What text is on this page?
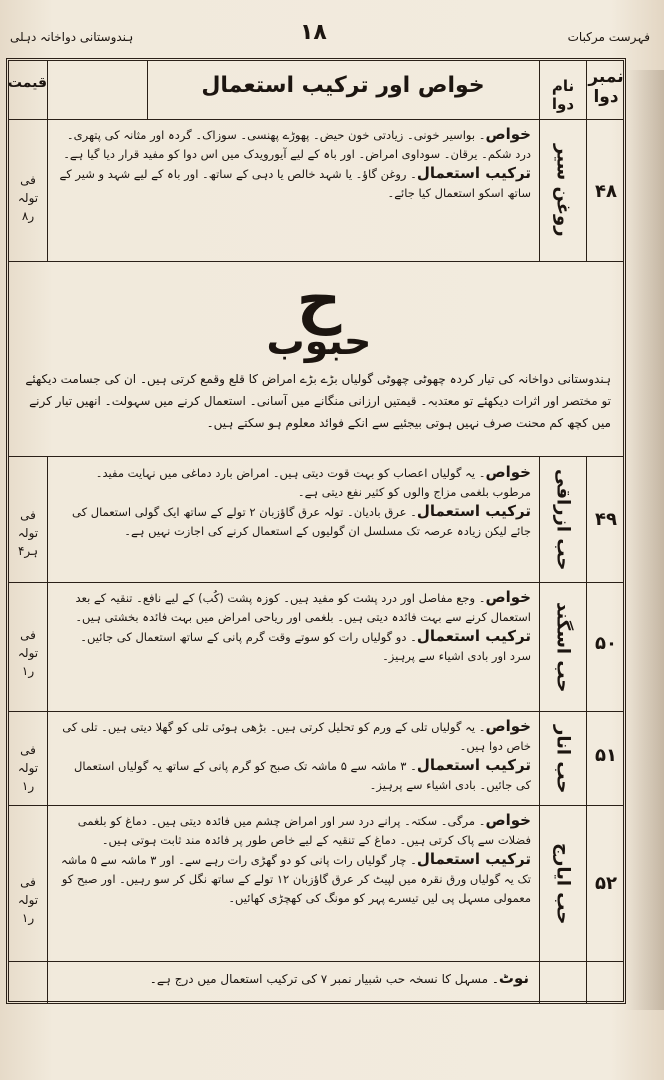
ہندوستانی دواخانہ دہلی	۱۸	فہرست مرکبات
نمبر دوا
نام دوا
خواص اور ترکیب استعمال
قیمت
۴۸
روغن سیر
خواص۔ بواسیر خونی۔ زیادتی خون حیض۔ پھوڑے پھنسی۔ سوزاک۔ گردہ اور مثانہ کی پتھری۔ درد شکم۔ یرقان۔ سوداوی امراض۔ اور باہ کے لیے آیورویدک میں اس دوا کو مفید قرار دیا گیا ہے۔
ترکیب استعمال۔ روغن گاؤ۔ یا شہد خالص یا دہی کے ساتھ۔ اور باہ کے لیے شہد و شیر کے ساتھ اسکو استعمال کیا جائے۔
فی تولہ
۸ر
ح
حبوب
ہندوستانی دواخانہ کی تیار کردہ چھوٹی چھوٹی گولیاں بڑے بڑے امراض کا قلع وقمع کرتی ہیں۔ ان کی جسامت دیکھئے تو مختصر اور اثرات دیکھئے تو معتدبہ۔ قیمتیں ارزانی منگانے میں آسانی۔ استعمال کرنے میں سہولت۔ انھیں تیار کرنے میں کچھ کم محنت صرف نہیں ہوتی بیجئیے سے انکے فوائد معلوم ہو سکتے ہیں۔
۴۹
حب ازراقی
خواص۔ یہ گولیاں اعصاب کو بہت قوت دیتی ہیں۔ امراض بارد دماغی میں نہایت مفید۔ مرطوب بلغمی مزاج والوں کو کثیر نفع دیتی ہے۔
ترکیب استعمال۔ عرق بادیان۔ تولہ عرق گاؤزبان ۲ تولے کے ساتھ ایک گولی استعمال کی جائے لیکن زیادہ عرصہ تک مسلسل ان گولیوں کے استعمال کرنے کی اجازت نہیں ہے۔
فی تولہ
۴ہر
۵۰
حب اسگند
خواص۔ وجع مفاصل اور درد پشت کو مفید ہیں۔ کوزہ پشت (کُب) کے لیے نافع۔ تنقیہ کے بعد استعمال کرنے سے بہت فائدہ دیتی ہیں۔ بلغمی اور ریاحی امراض میں بہت فائدہ بخشتی ہیں۔
ترکیب استعمال۔ دو گولیاں رات کو سوتے وقت گرم پانی کے ساتھ استعمال کی جائیں۔ سرد اور بادی اشیاء سے پرہیز۔
فی تولہ
۱ر
۵۱
حب انار
خواص۔ یہ گولیاں تلی کے ورم کو تحلیل کرتی ہیں۔ بڑھی ہوئی تلی کو گھلا دیتی ہیں۔ تلی کی خاص دوا ہیں۔
ترکیب استعمال۔ ۳ ماشہ سے ۵ ماشہ تک صبح کو گرم پانی کے ساتھ یہ گولیاں استعمال کی جائیں۔ بادی اشیاء سے پرہیز۔
فی تولہ
۱ر
۵۲
حب ایارج
خواص۔ مرگی۔ سکتہ۔ پرانے درد سر اور امراض چشم میں فائدہ دیتی ہیں۔ دماغ کو بلغمی فضلات سے پاک کرتی ہیں۔ دماغ کے تنقیہ کے لیے خاص طور پر فائدہ مند ثابت ہوتی ہیں۔
ترکیب استعمال۔ چار گولیاں رات پانی کو دو گھڑی رات رہے سے۔ اور ۳ ماشہ سے ۵ ماشہ تک یہ گولیاں ورق نقرہ میں لپیٹ کر عرق گاؤزبان ۱۲ تولے کے ساتھ نگل کر سو رہیں۔ اور صبح کو معمولی مسہل پی لیں تیسرے پہر کو مونگ کی کھچڑی کھائیں۔
فی تولہ
۱ر
نوٹ۔ مسہل کا نسخہ حب شبیار نمبر ۷ کی ترکیب استعمال میں درج ہے۔
